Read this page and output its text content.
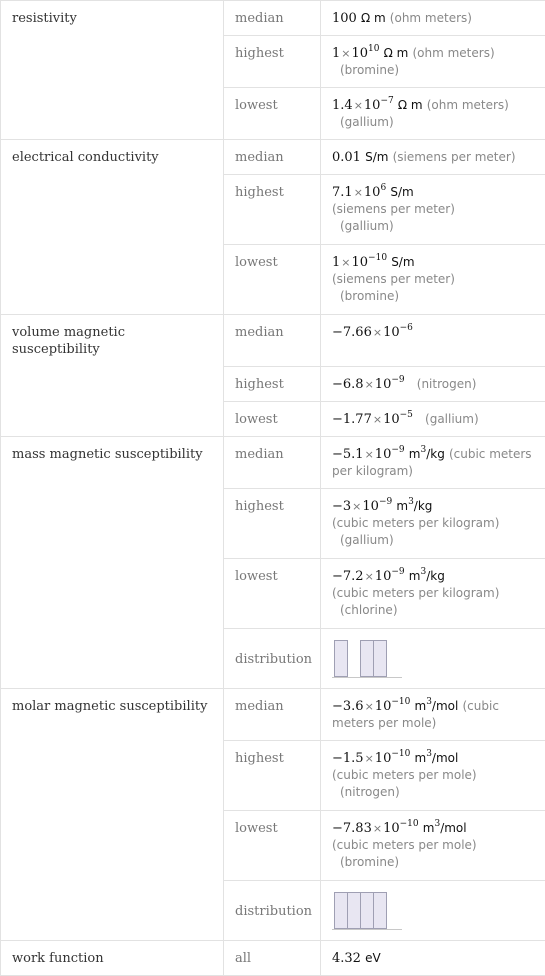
resistivity	median	100 Ω m (ohm meters)
	highest	$1\times 10^{10}$ Ω m (ohm meters)
(bromine)
	lowest	$1.4\times 10^{-7}$ Ω m (ohm meters)
(gallium)
electrical conductivity	median	0.01 S/m (siemens per meter)
	highest	$7.1\times 10^6$ S/m
(siemens per meter)
(gallium)
	lowest	$1\times 10^{-10}$ S/m
(siemens per meter)
(bromine)
volume magnetic susceptibility	median	$-7.66\times 10^{-6}$
	highest	$-6.8\times 10^{-9}$ (nitrogen)
	lowest	$-1.77\times 10^{-5}$ (gallium)
mass magnetic susceptibility	median	$-5.1\times 10^{-9}$ $m^3/kg$ (cubic meters per kilogram)
	highest	$-3\times 10^{-9}$ $m^3/kg$
(cubic meters per kilogram)
(gallium)
	lowest	$-7.2\times 10^{-9}$ $m^3/kg$
(cubic meters per kilogram)
(chlorine)
	distribution	

molar magnetic susceptibility	median	$-3.6\times 10^{-10}$ $m^3$/mol (cubic meters per mole)
	highest	$-1.5\times 10^{-10}$ $m^3$/mol
(cubic meters per mole)
(nitrogen)
	lowest	$-7.83\times 10^{-10}$ $m^3$/mol
(cubic meters per mole)
(bromine)
	distribution	

work function	all	4.32 eV
